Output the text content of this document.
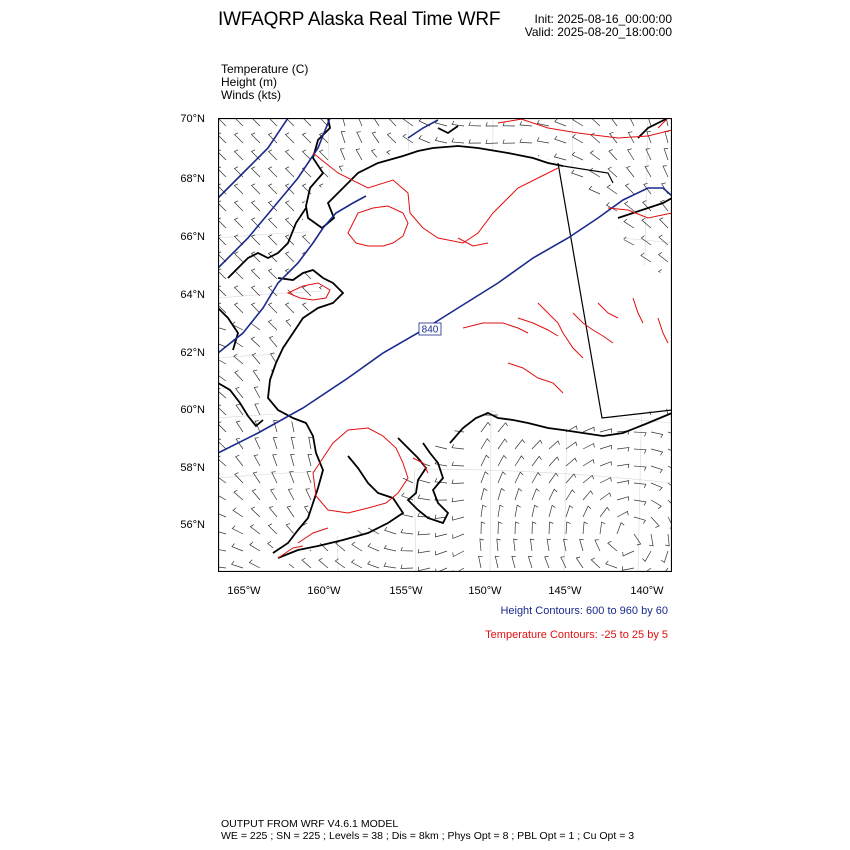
IWFAQRP Alaska Real Time WRF	Init: 2025-08-16_00:00:00
Valid: 2025-08-20_18:00:00
Temperature (C)
Height (m)
Winds (kts)
70°N
68°N
66°N
64°N
62°N
60°N
58°N
56°N
165°W	160°W	155°W	150°W	145°W	140°W
840
Height Contours: 600 to 960 by 60
Temperature Contours: -25 to 25 by 5
OUTPUT FROM WRF V4.6.1 MODEL
WE = 225 ; SN = 225 ; Levels = 38 ; Dis = 8km ; Phys Opt = 8 ; PBL Opt = 1 ; Cu Opt = 3
